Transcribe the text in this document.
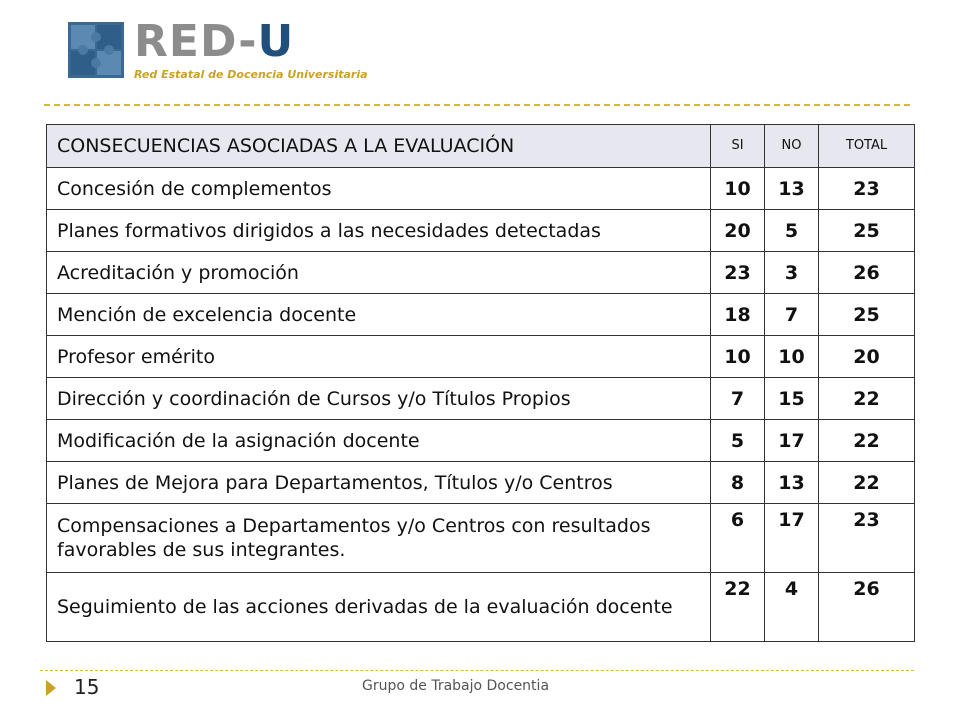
RED-U
Red Estatal de Docencia Universitaria
CONSECUENCIAS ASOCIADAS A LA EVALUACIÓN	SI	NO	TOTAL
Concesión de complementos	10	13	23
Planes formativos dirigidos a las necesidades detectadas	20	5	25
Acreditación y promoción	23	3	26
Mención de excelencia docente	18	7	25
Profesor emérito	10	10	20
Dirección y coordinación de Cursos y/o Títulos Propios	7	15	22
Modificación de la asignación docente	5	17	22
Planes de Mejora para Departamentos, Títulos y/o Centros	8	13	22
Compensaciones a Departamentos y/o Centros con resultados favorables de sus integrantes.	6	17	23
Seguimiento de las acciones derivadas de la evaluación docente	22	4	26
15	Grupo de Trabajo Docentia
